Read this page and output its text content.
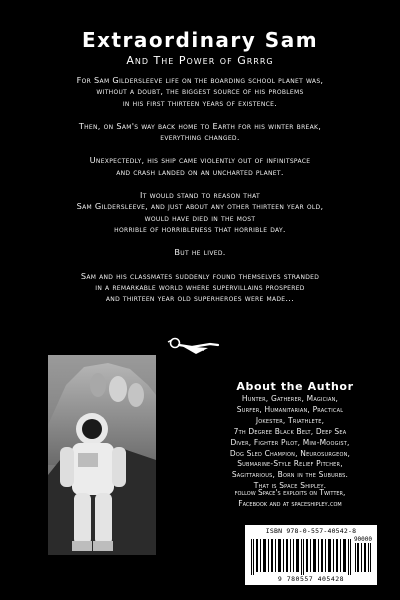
Extraordinary Sam
And The Power of Grrrg

For Sam Gildersleeve life on the boarding school planet was,
without a doubt, the biggest source of his problems
in his first thirteen years of existence.

Then, on Sam's way back home to Earth for his winter break,
everything changed.

Unexpectedly, his ship came violently out of infinitspace
and crash landed on an uncharted planet.

It would stand to reason that
Sam Gildersleeve, and just about any other thirteen year old,
would have died in the most
horrible of horribleness that horrible day.

But he lived.

Sam and his classmates suddenly found themselves stranded
in a remarkable world where supervillains prospered
and thirteen year old superheroes were made...

About the Author
Hunter, Gatherer, Magician,
Surfer, Humanitarian, Practical
Jokester, Triathlete,
7th Degree Black Belt, Deep Sea
Diver, Fighter Pilot, Mini-Moogist,
Dog Sled Champion, Neurosurgeon,
Submarine-Style Relief Pitcher,
Sagittarious, Born in the Suburbs.
That is Space Shipley.
follow Space's exploits on Twitter,
Facebook and at spaceshipley.com
ISBN 978-0-557-40542-8
90000
9 780557 405428
